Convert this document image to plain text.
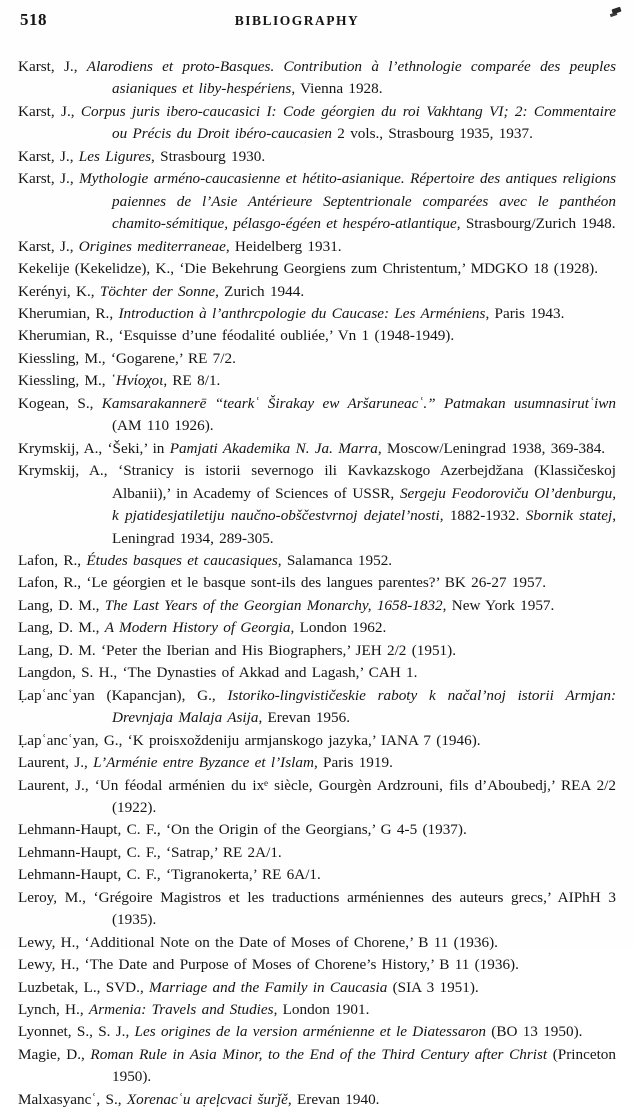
518	BIBLIOGRAPHY

Karst, J., Alarodiens et proto-Basques. Contribution à l’ethnologie comparée des peuples asianiques et liby-hespériens, Vienna 1928.

Karst, J., Corpus juris ibero-caucasici I: Code géorgien du roi Vakhtang VI; 2: Commentaire ou Précis du Droit ibéro-caucasien 2 vols., Strasbourg 1935, 1937.

Karst, J., Les Ligures, Strasbourg 1930.

Karst, J., Mythologie arméno-caucasienne et hétito-asianique. Répertoire des antiques religions paiennes de l’Asie Antérieure Septentrionale comparées avec le panthéon chamito-sémitique, pélasgo-égéen et hespéro-atlantique, Strasbourg/Zurich 1948.

Karst, J., Origines mediterraneae, Heidelberg 1931.

Kekelije (Kekelidze), K., ‘Die Bekehrung Georgiens zum Christentum,’ MDGKO 18 (1928).

Kerényi, K., Töchter der Sonne, Zurich 1944.

Kherumian, R., Introduction à l’anthrcpologie du Caucase: Les Arméniens, Paris 1943.

Kherumian, R., ‘Esquisse d’une féodalité oubliée,’ Vn 1 (1948-1949).

Kiessling, M., ‘Gogarene,’ RE 7/2.

Kiessling, M., ῾Ηνίοχοι, RE 8/1.

Kogean, S., Kamsarakannerē “tearkʿ Širakay ew Aršaruneacʿ.” Patmakan usumnasirutʿiwn (AM 110 1926).

Krymskij, A., ‘Šeki,’ in Pamjati Akademika N. Ja. Marra, Moscow/Leningrad 1938, 369-384.

Krymskij, A., ‘Stranicy is istorii severnogo ili Kavkazskogo Azerbejdžana (Klassičeskoj Albanii),’ in Academy of Sciences of USSR, Sergeju Feodoroviču Ol’denburgu, k pjatidesjatiletiju naučno-obščestvrnoj dejatel’nosti, 1882-1932. Sbornik statej, Leningrad 1934, 289-305.

Lafon, R., Études basques et caucasiques, Salamanca 1952.

Lafon, R., ‘Le géorgien et le basque sont-ils des langues parentes?’ BK 26-27 1957.

Lang, D. M., The Last Years of the Georgian Monarchy, 1658-1832, New York 1957.

Lang, D. M., A Modern History of Georgia, London 1962.

Lang, D. M. ‘Peter the Iberian and His Biographers,’ JEH 2/2 (1951).

Langdon, S. H., ‘The Dynasties of Akkad and Lagash,’ CAH 1.

Ḷapʿancʿyan (Kapancjan), G., Istoriko-lingvističeskie raboty k načal’noj istorii Armjan: Drevnjaja Malaja Asija, Erevan 1956.

Ḷapʿancʿyan, G., ‘K proisxoždeniju armjanskogo jazyka,’ IANA 7 (1946).

Laurent, J., L’Arménie entre Byzance et l’Islam, Paris 1919.

Laurent, J., ‘Un féodal arménien du ixᵉ siècle, Gourgèn Ardzrouni, fils d’Aboubedj,’ REA 2/2 (1922).

Lehmann-Haupt, C. F., ‘On the Origin of the Georgians,’ G 4-5 (1937).

Lehmann-Haupt, C. F., ‘Satrap,’ RE 2A/1.

Lehmann-Haupt, C. F., ‘Tigranokerta,’ RE 6A/1.

Leroy, M., ‘Grégoire Magistros et les traductions arméniennes des auteurs grecs,’ AIPhH 3 (1935).

Lewy, H., ‘Additional Note on the Date of Moses of Chorene,’ B 11 (1936).

Lewy, H., ‘The Date and Purpose of Moses of Chorene’s History,’ B 11 (1936).

Luzbetak, L., SVD., Marriage and the Family in Caucasia (SIA 3 1951).

Lynch, H., Armenia: Travels and Studies, London 1901.

Lyonnet, S., S. J., Les origines de la version arménienne et le Diatessaron (BO 13 1950).

Magie, D., Roman Rule in Asia Minor, to the End of the Third Century after Christ (Princeton 1950).

Malxasyancʿ, S., Xorenacʿu aṛeļcvaci šurǰě, Erevan 1940.
